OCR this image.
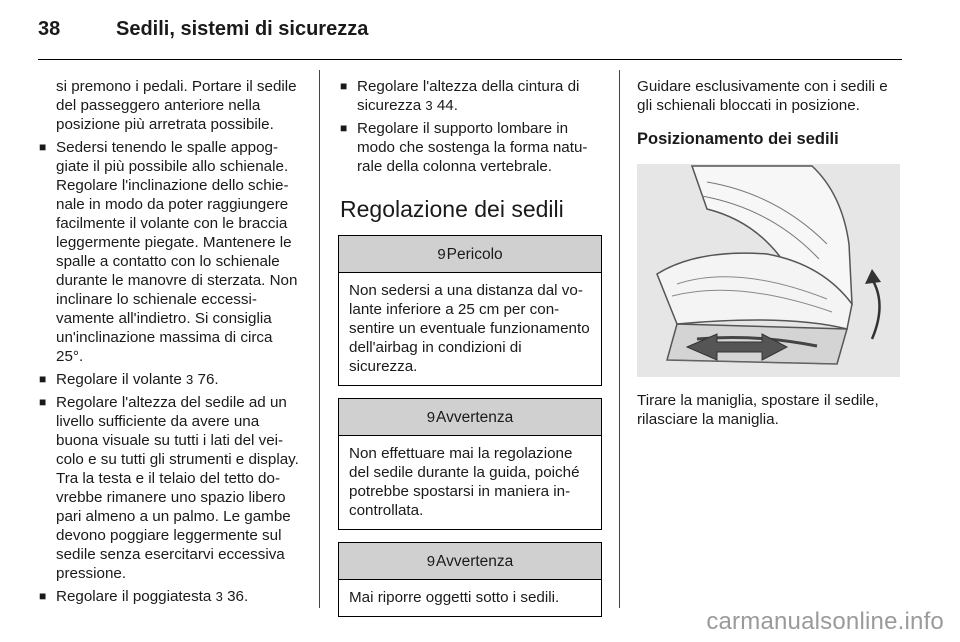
38	Sedili, sistemi di sicurezza

si premono i pedali. Portare il sedile del passeggero anteriore nella posizione più arretrata possibile.

■ Sedersi tenendo le spalle appoggiate il più possibile allo schienale. Regolare l'inclinazione dello schienale in modo da poter raggiungere facilmente il volante con le braccia leggermente piegate. Mantenere le spalle a contatto con lo schienale durante le manovre di sterzata. Non inclinare lo schienale eccessivamente all'indietro. Si consiglia un'inclinazione massima di circa 25°.
■ Regolare il volante 3 76.
■ Regolare l'altezza del sedile ad un livello sufficiente da avere una buona visuale su tutti i lati del veicolo e su tutti gli strumenti e display. Tra la testa e il telaio del tetto dovrebbe rimanere uno spazio libero pari almeno a un palmo. Le gambe devono poggiare leggermente sul sedile senza esercitarvi eccessiva pressione.
■ Regolare il poggiatesta 3 36.
■ Regolare l'altezza della cintura di sicurezza 3 44.
■ Regolare il supporto lombare in modo che sostenga la forma naturale della colonna vertebrale.
Regolazione dei sedili
9 Pericolo
Non sedersi a una distanza dal volante inferiore a 25 cm per consentire un eventuale funzionamento dell'airbag in condizioni di sicurezza.
9 Avvertenza
Non effettuare mai la regolazione del sedile durante la guida, poiché potrebbe spostarsi in maniera incontrollata.
9 Avvertenza
Mai riporre oggetti sotto i sedili.

Guidare esclusivamente con i sedili e gli schienali bloccati in posizione.

Posizionamento dei sedili

Tirare la maniglia, spostare il sedile, rilasciare la maniglia.

carmanualsonline.info
